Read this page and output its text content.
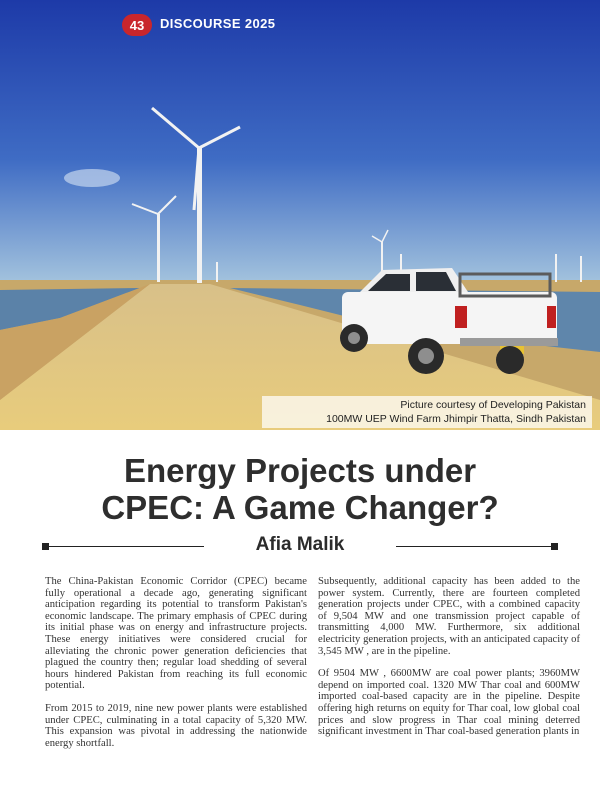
43	DISCOURSE 2025
Picture courtesy of Developing Pakistan
100MW UEP Wind Farm Jhimpir Thatta, Sindh Pakistan
Energy Projects under
CPEC: A Game Changer?
Afia Malik

The China-Pakistan Economic Corridor (CPEC) became fully operational a decade ago, generating significant anticipation regarding its potential to transform Pakistan's economic landscape. The primary emphasis of CPEC during its initial phase was on energy and infrastructure projects. These energy initiatives were considered crucial for alleviating the chronic power generation deficiencies that plagued the country then; regular load shedding of several hours hindered Pakistan from reaching its full economic potential.

From 2015 to 2019, nine new power plants were established under CPEC, culminating in a total capacity of 5,320 MW. This expansion was pivotal in addressing the nationwide energy shortfall.

Subsequently, additional capacity has been added to the power system. Currently, there are fourteen completed generation projects under CPEC, with a combined capacity of 9,504 MW and one transmission project capable of transmitting 4,000 MW. Furthermore, six additional electricity generation projects, with an anticipated capacity of 3,545 MW , are in the pipeline.

Of 9504 MW , 6600MW are coal power plants; 3960MW depend on imported coal. 1320 MW Thar coal and 600MW imported coal-based capacity are in the pipeline. Despite offering high returns on equity for Thar coal, low global coal prices and slow progress in Thar coal mining deterred significant investment in Thar coal-based generation plants in
